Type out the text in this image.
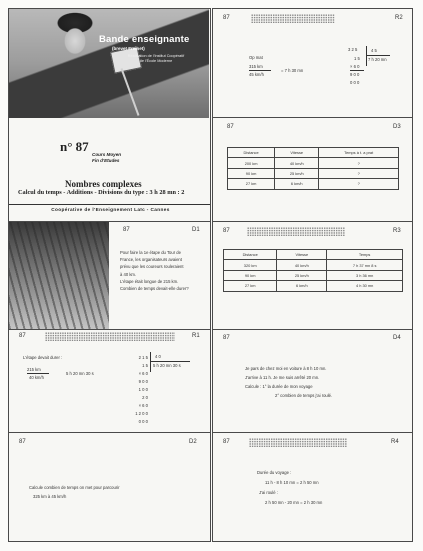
Bande enseignante
(brevet Freinet)
Réalisation de l'Institut Coopératif
de l'École Moderne
n° 87
Cours Moyen
Fin d'Etudes
Nombres complexes
Calcul du temps - Additions - Divisions du type : 3 h 28 mn : 2
Coopérative de l'Enseignement Laïc - Cannes
87	R2
Op mat
315 km
45 km/h
= 7 h 30 mn
3 2 5
1 5
× 6 0
9 0 0
0 0 0
4 5
7 h 20 mn
87	D3
Distance	Vitesse	Temps à t. a prat
200 km	40 km/h	?
90 km	25 km/h	?
27 km	6 km/h	?
87	D1
Pour faire la 1e étape du Tour de
France, les organisateurs avaient
prévu que les coureurs rouleraient
à 40 km.
L'étape était longue de 215 km.
Combien de temps devait-elle durer?
87	R3
Distance	Vitesse	Temps
320 km	40 km/h	7 h 37 mn 8 s
90 km	25 km/h	3 h 36 mn
27 km	6 km/h	4 h 30 mn
87	R1
L'étape devait durer :
215 km
40 km/h
5 h 20 mn 30 s
2 1 5
1 5
× 6 0
9 0 0
1 0 0
2 0
× 6 0
1 2 0 0
0 0 0
4 0
5 h 20 mn 30 s
87	D4
Je pars de chez moi en voiture à 8 h 10 mn.
J'arrive à 11 h. Je me suis arrêté 20 mn.
Calcule : 1° la durée de mon voyage
2° combien de temps j'ai roulé.
87	D2
Calcule combien de temps on met pour parcourir
325 km à 45 km/h
87	R4
Durée du voyage :
11 h - 8 h 10 mn = 2 h 50 mn
J'ai roulé :
2 h 50 mn - 20 mn = 2 h 30 mn
